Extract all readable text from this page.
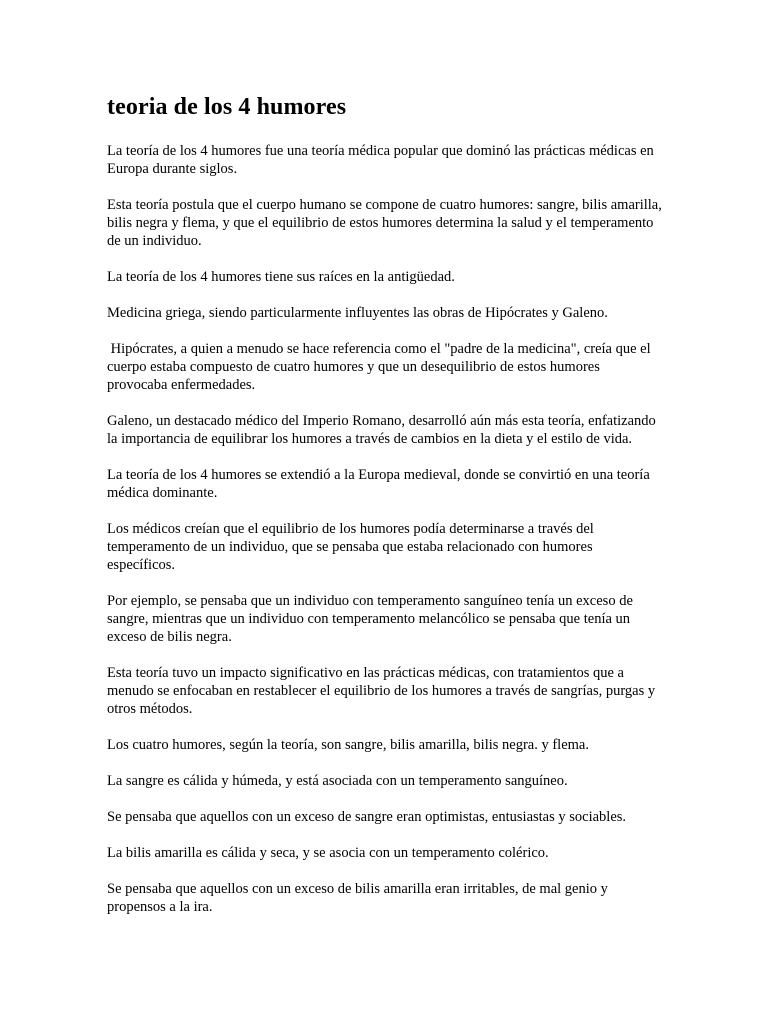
teoria de los 4 humores

La teoría de los 4 humores fue una teoría médica popular que dominó las prácticas médicas en Europa durante siglos.

Esta teoría postula que el cuerpo humano se compone de cuatro humores: sangre, bilis amarilla, bilis negra y flema, y que el equilibrio de estos humores determina la salud y el temperamento de un individuo.

La teoría de los 4 humores tiene sus raíces en la antigüedad.

Medicina griega, siendo particularmente influyentes las obras de Hipócrates y Galeno.

Hipócrates, a quien a menudo se hace referencia como el "padre de la medicina", creía que el cuerpo estaba compuesto de cuatro humores y que un desequilibrio de estos humores provocaba enfermedades.

Galeno, un destacado médico del Imperio Romano, desarrolló aún más esta teoría, enfatizando la importancia de equilibrar los humores a través de cambios en la dieta y el estilo de vida.

La teoría de los 4 humores se extendió a la Europa medieval, donde se convirtió en una teoría médica dominante.

Los médicos creían que el equilibrio de los humores podía determinarse a través del temperamento de un individuo, que se pensaba que estaba relacionado con humores específicos.

Por ejemplo, se pensaba que un individuo con temperamento sanguíneo tenía un exceso de sangre, mientras que un individuo con temperamento melancólico se pensaba que tenía un exceso de bilis negra.

Esta teoría tuvo un impacto significativo en las prácticas médicas, con tratamientos que a menudo se enfocaban en restablecer el equilibrio de los humores a través de sangrías, purgas y otros métodos.

Los cuatro humores, según la teoría, son sangre, bilis amarilla, bilis negra. y flema.

La sangre es cálida y húmeda, y está asociada con un temperamento sanguíneo.

Se pensaba que aquellos con un exceso de sangre eran optimistas, entusiastas y sociables.

La bilis amarilla es cálida y seca, y se asocia con un temperamento colérico.

Se pensaba que aquellos con un exceso de bilis amarilla eran irritables, de mal genio y propensos a la ira.
